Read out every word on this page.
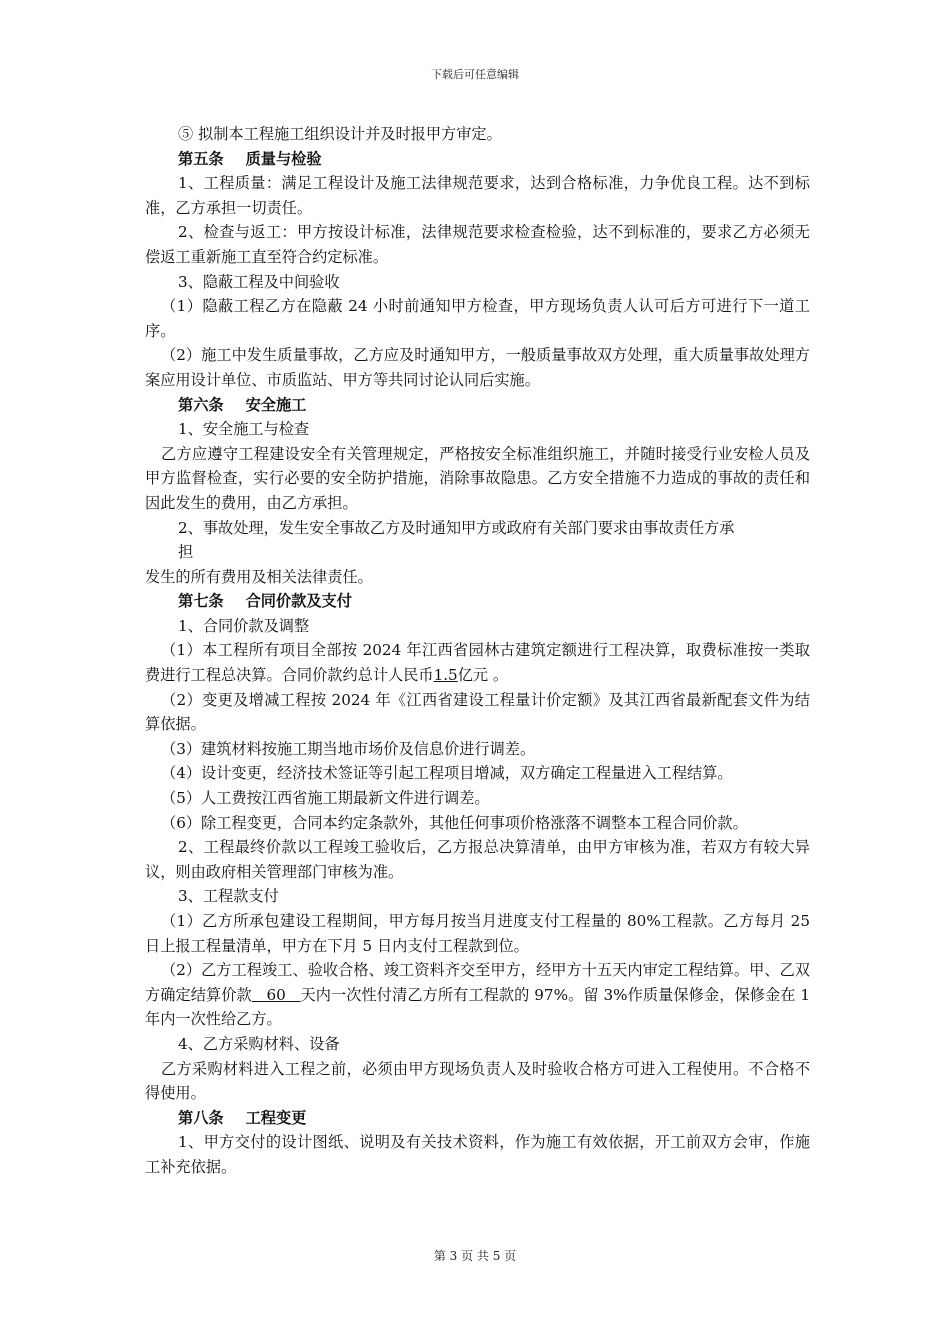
下载后可任意编辑

⑤ 拟制本工程施工组织设计并及时报甲方审定。

第五条 质量与检验

1、工程质量：满足工程设计及施工法律规范要求，达到合格标准，力争优良工程。达不到标准，乙方承担一切责任。

2、检查与返工：甲方按设计标准，法律规范要求检查检验，达不到标准的，要求乙方必须无偿返工重新施工直至符合约定标准。

3、隐蔽工程及中间验收

（1）隐蔽工程乙方在隐蔽 24 小时前通知甲方检查，甲方现场负责人认可后方可进行下一道工序。

（2）施工中发生质量事故，乙方应及时通知甲方，一般质量事故双方处理，重大质量事故处理方案应用设计单位、市质监站、甲方等共同讨论认同后实施。

第六条 安全施工

1、安全施工与检查

乙方应遵守工程建设安全有关管理规定，严格按安全标准组织施工，并随时接受行业安检人员及甲方监督检查，实行必要的安全防护措施，消除事故隐患。乙方安全措施不力造成的事故的责任和因此发生的费用，由乙方承担。

2、事故处理，发生安全事故乙方及时通知甲方或政府有关部门要求由事故责任方承

担

发生的所有费用及相关法律责任。

第七条 合同价款及支付

1、合同价款及调整

（1）本工程所有项目全部按 2024 年江西省园林古建筑定额进行工程决算，取费标准按一类取费进行工程总决算。合同价款约总计人民币1.5亿元 。

（2）变更及增减工程按 2024 年《江西省建设工程量计价定额》及其江西省最新配套文件为结算依据。

（3）建筑材料按施工期当地市场价及信息价进行调差。

（4）设计变更，经济技术签证等引起工程项目增减，双方确定工程量进入工程结算。

（5）人工费按江西省施工期最新文件进行调差。

（6）除工程变更，合同本约定条款外，其他任何事项价格涨落不调整本工程合同价款。

2、工程最终价款以工程竣工验收后，乙方报总决算清单，由甲方审核为准，若双方有较大异议，则由政府相关管理部门审核为准。

3、工程款支付

（1）乙方所承包建设工程期间，甲方每月按当月进度支付工程量的 80%工程款。乙方每月 25 日上报工程量清单，甲方在下月 5 日内支付工程款到位。

（2）乙方工程竣工、验收合格、竣工资料齐交至甲方，经甲方十五天内审定工程结算。甲、乙双方确定结算价款 60 天内一次性付清乙方所有工程款的 97%。留 3%作质量保修金，保修金在 1 年内一次性给乙方。

4、乙方采购材料、设备

乙方采购材料进入工程之前，必须由甲方现场负责人及时验收合格方可进入工程使用。不合格不得使用。

第八条 工程变更

1、甲方交付的设计图纸、说明及有关技术资料，作为施工有效依据，开工前双方会审，作施工补充依据。

第 3 页 共 5 页
